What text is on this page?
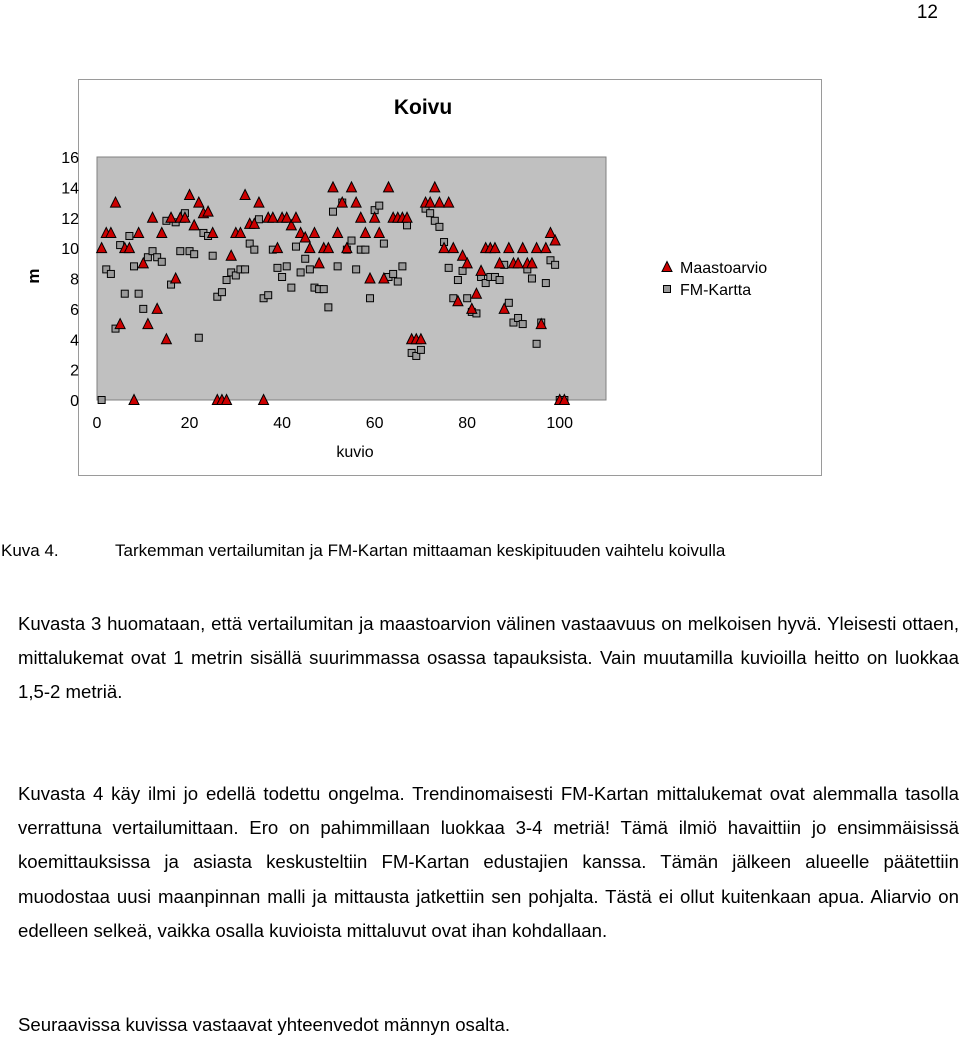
12
Koivu
0
2
4
6
8
10
12
14
16
0	20	40	60	80	100
m
kuvio
Maastoarvio
FM-Kartta
Kuva 4.	Tarkemman vertailumitan ja FM-Kartan mittaaman keskipituuden vaihtelu koivulla

Kuvasta 3 huomataan, että vertailumitan ja maastoarvion välinen vastaavuus on melkoisen hyvä. Yleisesti ottaen, mittalukemat ovat 1 metrin sisällä suurimmassa osassa tapauksista. Vain muutamilla kuvioilla heitto on luokkaa 1,5-2 metriä.

Kuvasta 4 käy ilmi jo edellä todettu ongelma. Trendinomaisesti FM-Kartan mittalukemat ovat alemmalla tasolla verrattuna vertailumittaan. Ero on pahimmillaan luokkaa 3-4 metriä! Tämä ilmiö havaittiin jo ensimmäisissä koemittauksissa ja asiasta keskusteltiin FM-Kartan edustajien kanssa. Tämän jälkeen alueelle päätettiin muodostaa uusi maanpinnan malli ja mittausta jatkettiin sen pohjalta. Tästä ei ollut kuitenkaan apua. Aliarvio on edelleen selkeä, vaikka osalla kuvioista mittaluvut ovat ihan kohdallaan.

Seuraavissa kuvissa vastaavat yhteenvedot männyn osalta.
